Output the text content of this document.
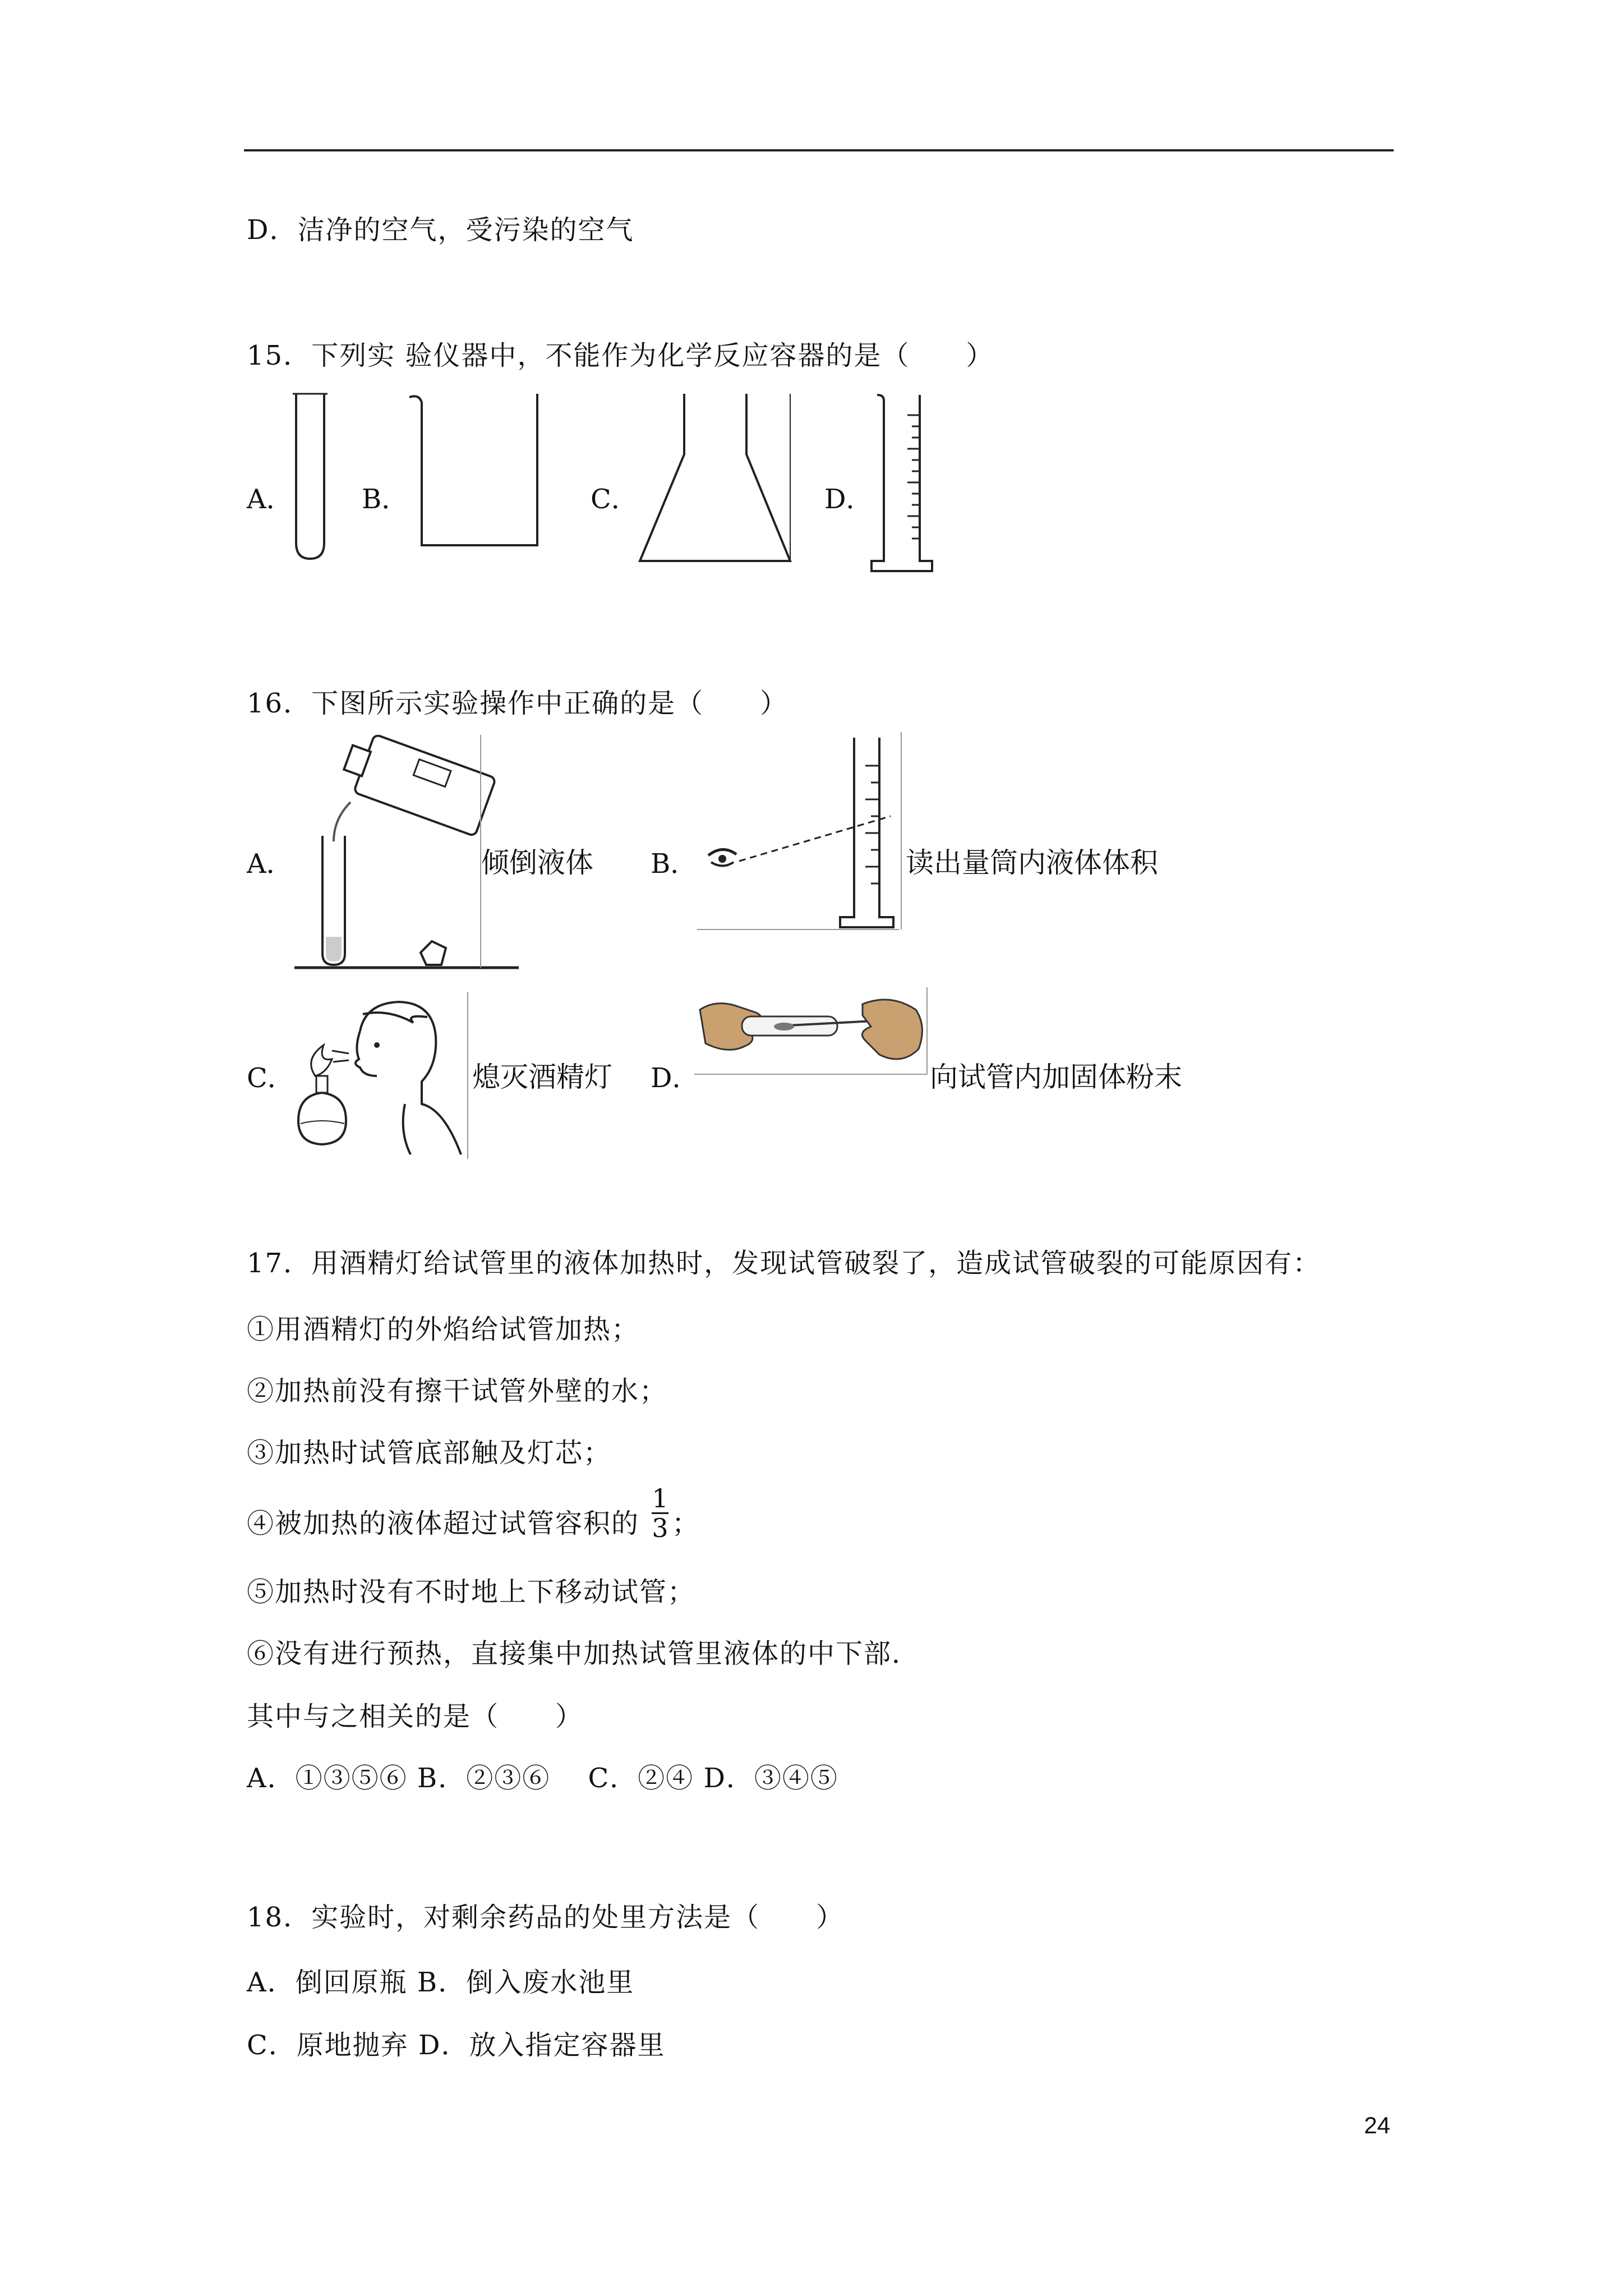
D．洁净的空气，受污染的空气
15．下列实 验仪器中，不能作为化学反应容器的是（　　）
A．	B．	C．	D．
16．下图所示实验操作中正确的是（　　）
A．	倾倒液体 B．	读出量筒内液体体积
C．	熄灭酒精灯 D．	向试管内加固体粉末
17．用酒精灯给试管里的液体加热时，发现试管破裂了，造成试管破裂的可能原因有：
①用酒精灯的外焰给试管加热；
②加热前没有擦干试管外壁的水；
③加热时试管底部触及灯芯；
④被加热的液体超过试管容积的
1
3 ；
⑤加热时没有不时地上下移动试管；
⑥没有进行预热，直接集中加热试管里液体的中下部．
其中与之相关的是（　　）
A．①③⑤⑥ B．②③⑥　 C．②④ D．③④⑤
18．实验时，对剩余药品的处里方法是（　　）
A．倒回原瓶 B．倒入废水池里
C．原地抛弃 D．放入指定容器里
24
